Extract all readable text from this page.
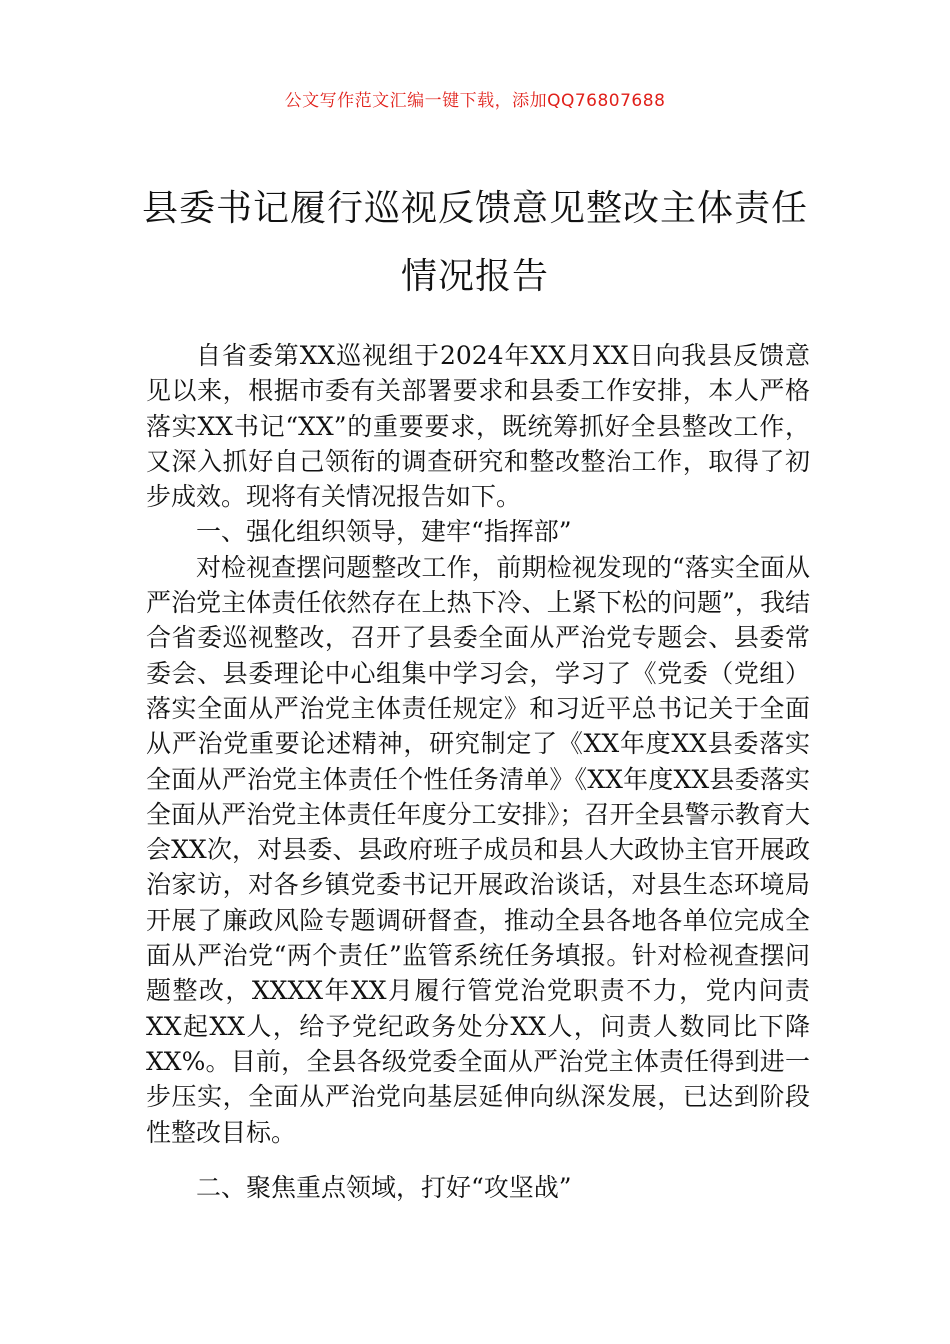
公文写作范文汇编一键下载，添加QQ76807688
县委书记履行巡视反馈意见整改主体责任
情况报告

自省委第XX巡视组于2024年XX月XX日向我县反馈意见以来，根据市委有关部署要求和县委工作安排，本人严格落实XX书记“XX”的重要要求，既统筹抓好全县整改工作，又深入抓好自己领衔的调查研究和整改整治工作，取得了初步成效。现将有关情况报告如下。

一、强化组织领导，建牢“指挥部”

对检视查摆问题整改工作，前期检视发现的“落实全面从严治党主体责任依然存在上热下冷、上紧下松的问题”，我结合省委巡视整改，召开了县委全面从严治党专题会、县委常委会、县委理论中心组集中学习会，学习了《党委（党组）落实全面从严治党主体责任规定》和习近平总书记关于全面从严治党重要论述精神，研究制定了《XX年度XX县委落实全面从严治党主体责任个性任务清单》《XX年度XX县委落实全面从严治党主体责任年度分工安排》；召开全县警示教育大会XX次，对县委、县政府班子成员和县人大政协主官开展政治家访，对各乡镇党委书记开展政治谈话，对县生态环境局开展了廉政风险专题调研督查，推动全县各地各单位完成全面从严治党“两个责任”监管系统任务填报。针对检视查摆问题整改，XXXX年XX月履行管党治党职责不力，党内问责XX起XX人，给予党纪政务处分XX人，问责人数同比下降XX%。目前，全县各级党委全面从严治党主体责任得到进一步压实，全面从严治党向基层延伸向纵深发展，已达到阶段性整改目标。

二、聚焦重点领域，打好“攻坚战”
